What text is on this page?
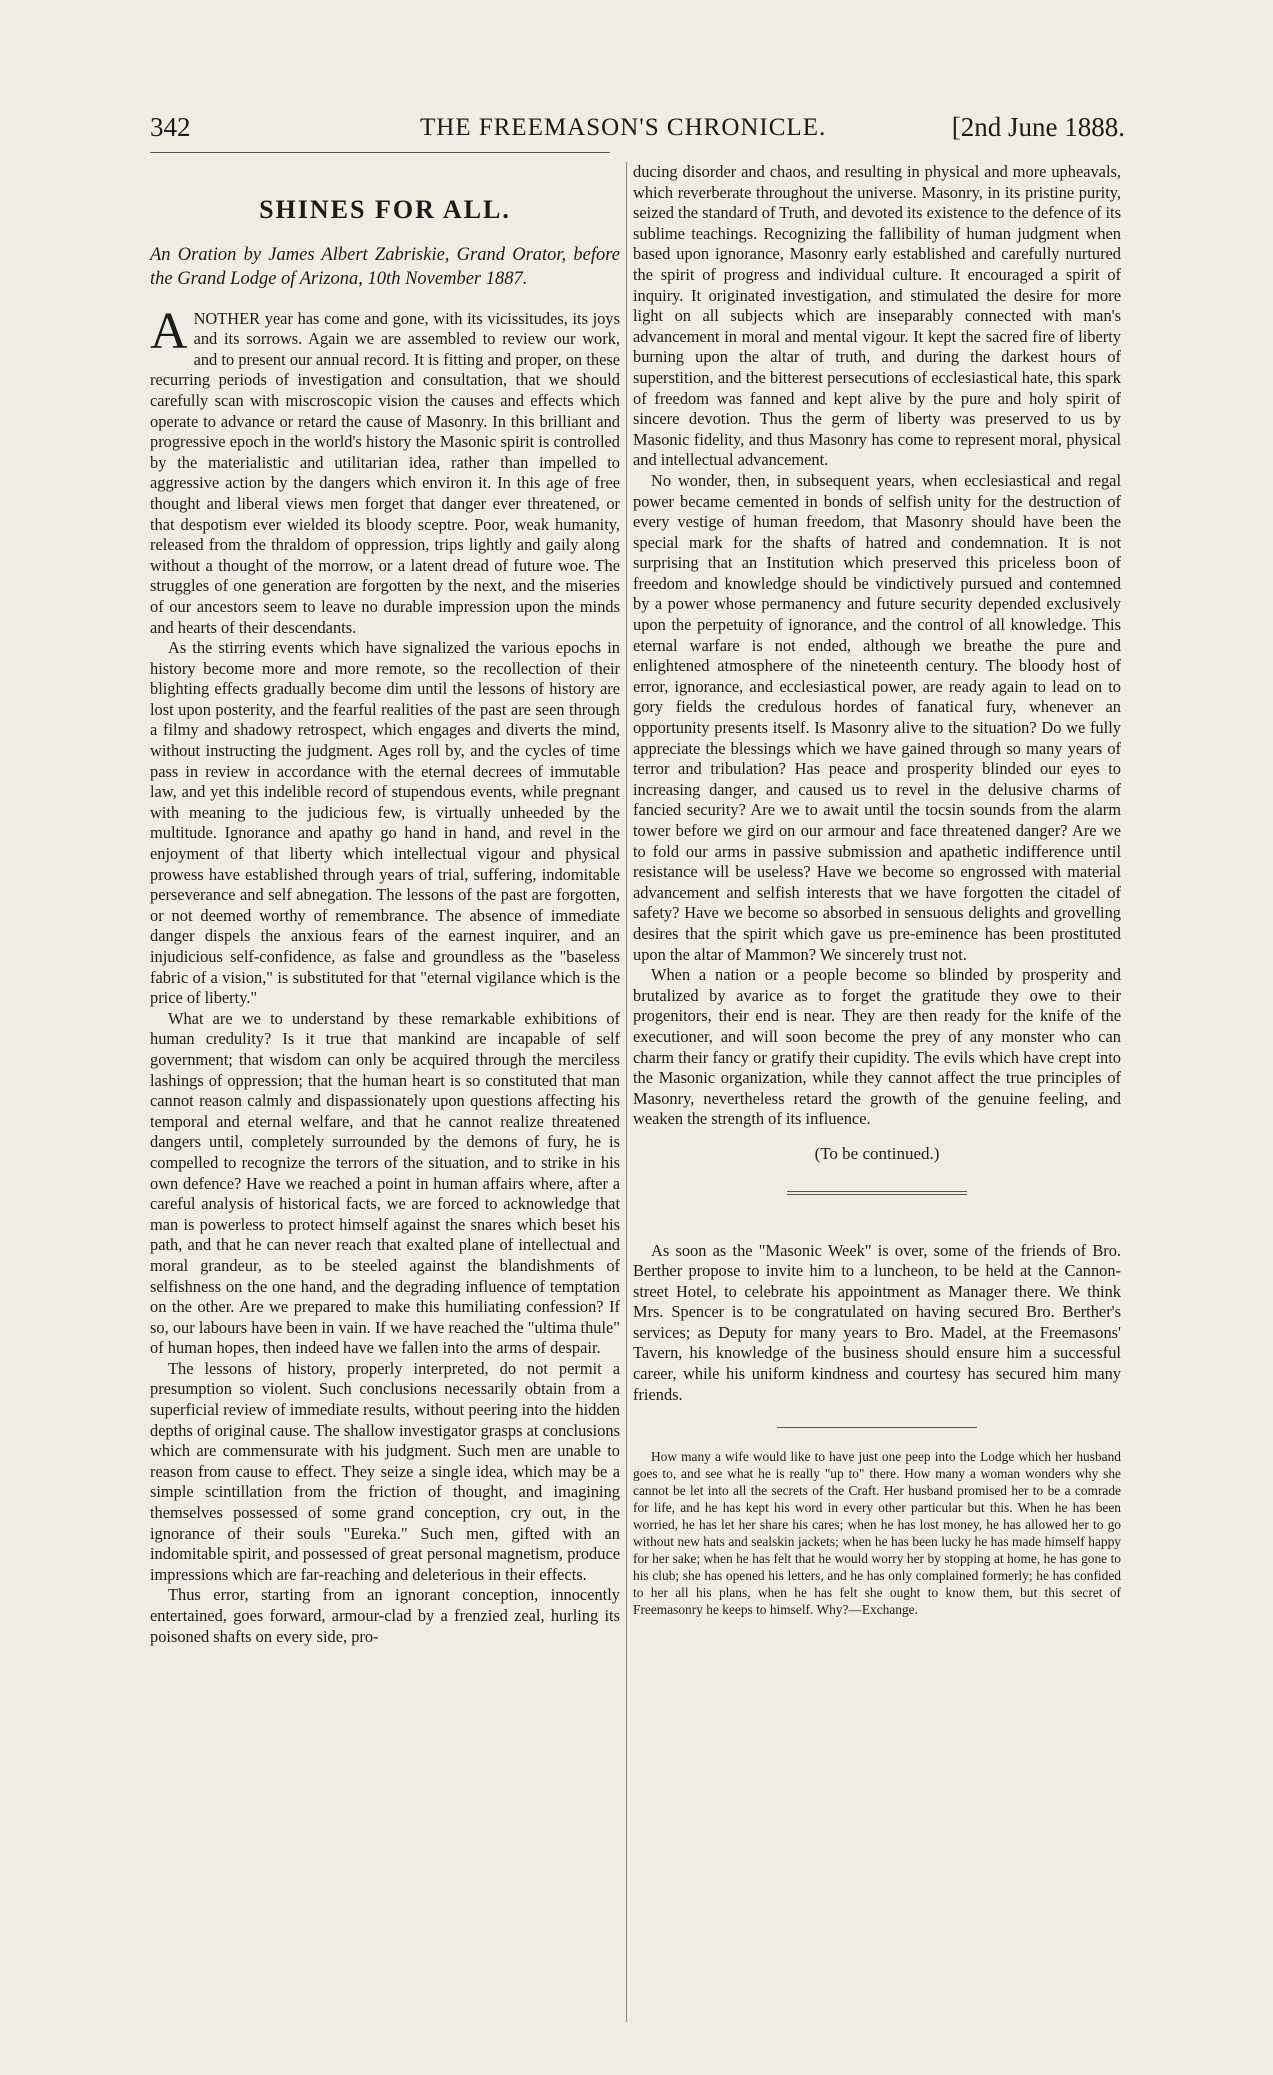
342	THE FREEMASON'S CHRONICLE.	[2nd June 1888.
SHINES FOR ALL.

An Oration by James Albert Zabriskie, Grand Orator, before the Grand Lodge of Arizona, 10th November 1887.

ANOTHER year has come and gone, with its vicissitudes, its joys and its sorrows. Again we are assembled to review our work, and to present our annual record. It is fitting and proper, on these recurring periods of investigation and consultation, that we should carefully scan with miscroscopic vision the causes and effects which operate to advance or retard the cause of Masonry. In this brilliant and progressive epoch in the world's history the Masonic spirit is controlled by the materialistic and utilitarian idea, rather than impelled to aggressive action by the dangers which environ it. In this age of free thought and liberal views men forget that danger ever threatened, or that despotism ever wielded its bloody sceptre. Poor, weak humanity, released from the thraldom of oppression, trips lightly and gaily along without a thought of the morrow, or a latent dread of future woe. The struggles of one generation are forgotten by the next, and the miseries of our ancestors seem to leave no durable impression upon the minds and hearts of their descendants.

As the stirring events which have signalized the various epochs in history become more and more remote, so the recollection of their blighting effects gradually become dim until the lessons of history are lost upon posterity, and the fearful realities of the past are seen through a filmy and shadowy retrospect, which engages and diverts the mind, without instructing the judgment. Ages roll by, and the cycles of time pass in review in accordance with the eternal decrees of immutable law, and yet this indelible record of stupendous events, while pregnant with meaning to the judicious few, is virtually unheeded by the multitude. Ignorance and apathy go hand in hand, and revel in the enjoyment of that liberty which intellectual vigour and physical prowess have established through years of trial, suffering, indomitable perseverance and self abnegation. The lessons of the past are forgotten, or not deemed worthy of remembrance. The absence of immediate danger dispels the anxious fears of the earnest inquirer, and an injudicious self-confidence, as false and groundless as the "baseless fabric of a vision," is substituted for that "eternal vigilance which is the price of liberty."

What are we to understand by these remarkable exhibitions of human credulity? Is it true that mankind are incapable of self government; that wisdom can only be acquired through the merciless lashings of oppression; that the human heart is so constituted that man cannot reason calmly and dispassionately upon questions affecting his temporal and eternal welfare, and that he cannot realize threatened dangers until, completely surrounded by the demons of fury, he is compelled to recognize the terrors of the situation, and to strike in his own defence? Have we reached a point in human affairs where, after a careful analysis of historical facts, we are forced to acknowledge that man is powerless to protect himself against the snares which beset his path, and that he can never reach that exalted plane of intellectual and moral grandeur, as to be steeled against the blandishments of selfishness on the one hand, and the degrading influence of temptation on the other. Are we prepared to make this humiliating confession? If so, our labours have been in vain. If we have reached the "ultima thule" of human hopes, then indeed have we fallen into the arms of despair.

The lessons of history, properly interpreted, do not permit a presumption so violent. Such conclusions necessarily obtain from a superficial review of immediate results, without peering into the hidden depths of original cause. The shallow investigator grasps at conclusions which are commensurate with his judgment. Such men are unable to reason from cause to effect. They seize a single idea, which may be a simple scintillation from the friction of thought, and imagining themselves possessed of some grand conception, cry out, in the ignorance of their souls "Eureka." Such men, gifted with an indomitable spirit, and possessed of great personal magnetism, produce impressions which are far-reaching and deleterious in their effects.

Thus error, starting from an ignorant conception, innocently entertained, goes forward, armour-clad by a frenzied zeal, hurling its poisoned shafts on every side, pro-

ducing disorder and chaos, and resulting in physical and more upheavals, which reverberate throughout the universe. Masonry, in its pristine purity, seized the standard of Truth, and devoted its existence to the defence of its sublime teachings. Recognizing the fallibility of human judgment when based upon ignorance, Masonry early established and carefully nurtured the spirit of progress and individual culture. It encouraged a spirit of inquiry. It originated investigation, and stimulated the desire for more light on all subjects which are inseparably connected with man's advancement in moral and mental vigour. It kept the sacred fire of liberty burning upon the altar of truth, and during the darkest hours of superstition, and the bitterest persecutions of ecclesiastical hate, this spark of freedom was fanned and kept alive by the pure and holy spirit of sincere devotion. Thus the germ of liberty was preserved to us by Masonic fidelity, and thus Masonry has come to represent moral, physical and intellectual advancement.

No wonder, then, in subsequent years, when ecclesiastical and regal power became cemented in bonds of selfish unity for the destruction of every vestige of human freedom, that Masonry should have been the special mark for the shafts of hatred and condemnation. It is not surprising that an Institution which preserved this priceless boon of freedom and knowledge should be vindictively pursued and contemned by a power whose permanency and future security depended exclusively upon the perpetuity of ignorance, and the control of all knowledge. This eternal warfare is not ended, although we breathe the pure and enlightened atmosphere of the nineteenth century. The bloody host of error, ignorance, and ecclesiastical power, are ready again to lead on to gory fields the credulous hordes of fanatical fury, whenever an opportunity presents itself. Is Masonry alive to the situation? Do we fully appreciate the blessings which we have gained through so many years of terror and tribulation? Has peace and prosperity blinded our eyes to increasing danger, and caused us to revel in the delusive charms of fancied security? Are we to await until the tocsin sounds from the alarm tower before we gird on our armour and face threatened danger? Are we to fold our arms in passive submission and apathetic indifference until resistance will be useless? Have we become so engrossed with material advancement and selfish interests that we have forgotten the citadel of safety? Have we become so absorbed in sensuous delights and grovelling desires that the spirit which gave us pre-eminence has been prostituted upon the altar of Mammon? We sincerely trust not.

When a nation or a people become so blinded by prosperity and brutalized by avarice as to forget the gratitude they owe to their progenitors, their end is near. They are then ready for the knife of the executioner, and will soon become the prey of any monster who can charm their fancy or gratify their cupidity. The evils which have crept into the Masonic organization, while they cannot affect the true principles of Masonry, nevertheless retard the growth of the genuine feeling, and weaken the strength of its influence.

(To be continued.)

As soon as the "Masonic Week" is over, some of the friends of Bro. Berther propose to invite him to a luncheon, to be held at the Cannon-street Hotel, to celebrate his appointment as Manager there. We think Mrs. Spencer is to be congratulated on having secured Bro. Berther's services; as Deputy for many years to Bro. Madel, at the Freemasons' Tavern, his knowledge of the business should ensure him a successful career, while his uniform kindness and courtesy has secured him many friends.

How many a wife would like to have just one peep into the Lodge which her husband goes to, and see what he is really "up to" there. How many a woman wonders why she cannot be let into all the secrets of the Craft. Her husband promised her to be a comrade for life, and he has kept his word in every other particular but this. When he has been worried, he has let her share his cares; when he has lost money, he has allowed her to go without new hats and sealskin jackets; when he has been lucky he has made himself happy for her sake; when he has felt that he would worry her by stopping at home, he has gone to his club; she has opened his letters, and he has only complained formerly; he has confided to her all his plans, when he has felt she ought to know them, but this secret of Freemasonry he keeps to himself. Why?—Exchange.
